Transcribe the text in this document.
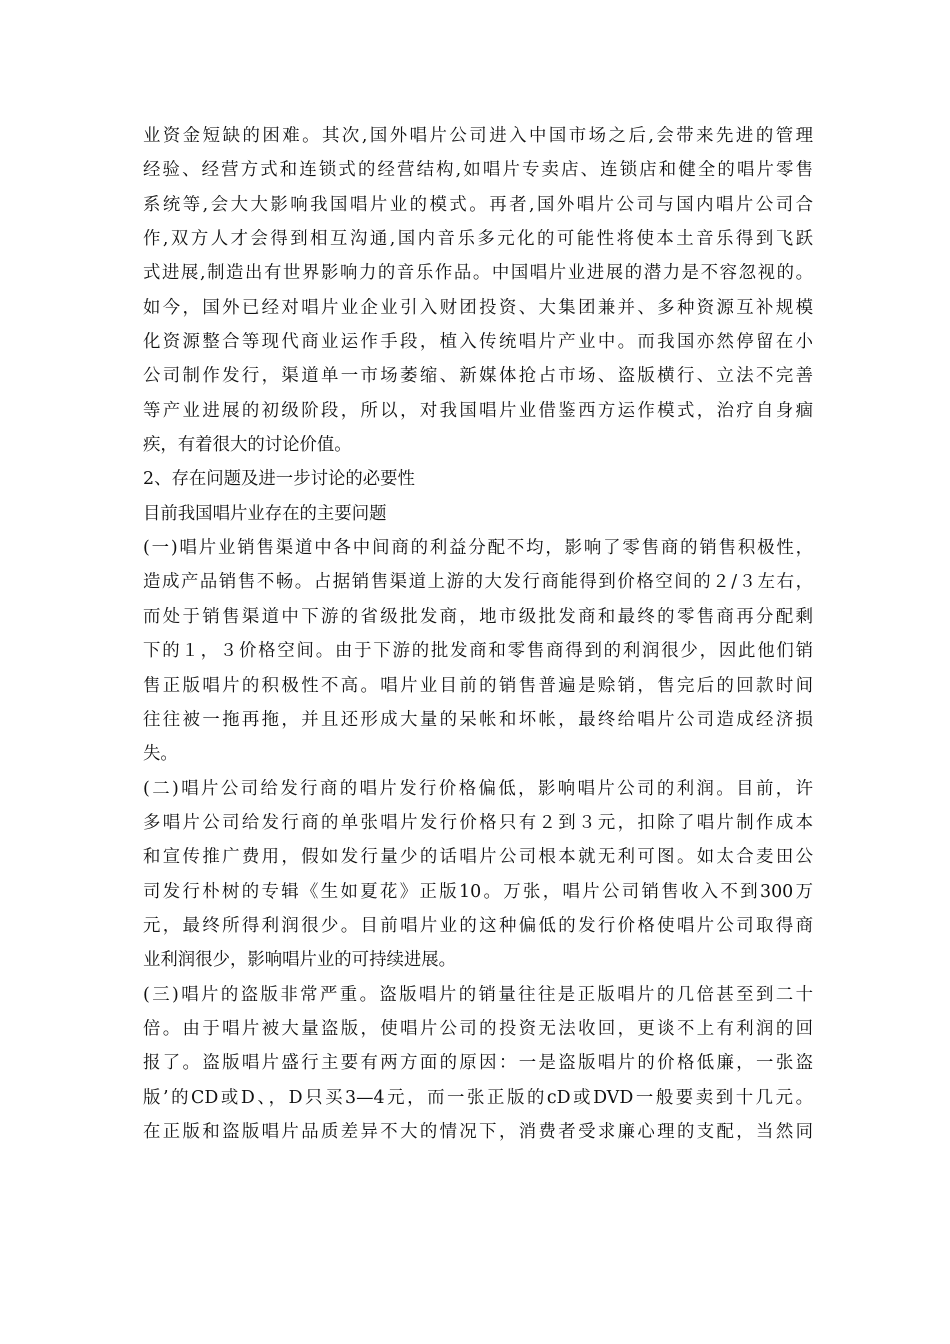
业资金短缺的困难。其次,国外唱片公司进入中国市场之后,会带来先进的管理
经验、经营方式和连锁式的经营结构,如唱片专卖店、连锁店和健全的唱片零售
系统等,会大大影响我国唱片业的模式。再者,国外唱片公司与国内唱片公司合
作,双方人才会得到相互沟通,国内音乐多元化的可能性将使本土音乐得到飞跃
式进展,制造出有世界影响力的音乐作品。中国唱片业进展的潜力是不容忽视的。
如今，国外已经对唱片业企业引入财团投资、大集团兼并、多种资源互补规模
化资源整合等现代商业运作手段，植入传统唱片产业中。而我国亦然停留在小
公司制作发行，渠道单一市场萎缩、新媒体抢占市场、盗版横行、立法不完善
等产业进展的初级阶段，所以，对我国唱片业借鉴西方运作模式，治疗自身痼
疾，有着很大的讨论价值。
2、存在问题及进一步讨论的必要性
目前我国唱片业存在的主要问题
(一)唱片业销售渠道中各中间商的利益分配不均，影响了零售商的销售积极性，
造成产品销售不畅。占据销售渠道上游的大发行商能得到价格空间的２/３左右，
而处于销售渠道中下游的省级批发商，地市级批发商和最终的零售商再分配剩
下的１，３价格空间。由于下游的批发商和零售商得到的利润很少，因此他们销
售正版唱片的积极性不高。唱片业目前的销售普遍是赊销，售完后的回款时间
往往被一拖再拖，并且还形成大量的呆帐和坏帐，最终给唱片公司造成经济损
失。
(二)唱片公司给发行商的唱片发行价格偏低，影响唱片公司的利润。目前，许
多唱片公司给发行商的单张唱片发行价格只有２到３元，扣除了唱片制作成本
和宣传推广费用，假如发行量少的话唱片公司根本就无利可图。如太合麦田公
司发行朴树的专辑《生如夏花》正版10。万张，唱片公司销售收入不到300万
元，最终所得利润很少。目前唱片业的这种偏低的发行价格使唱片公司取得商
业利润很少，影响唱片业的可持续进展。
(三)唱片的盗版非常严重。盗版唱片的销量往往是正版唱片的几倍甚至到二十
倍。由于唱片被大量盗版，使唱片公司的投资无法收回，更谈不上有利润的回
报了。盗版唱片盛行主要有两方面的原因：一是盗版唱片的价格低廉，一张盗
版’的CD或D、，D只买3—4元，而一张正版的cD或DVD一般要卖到十几元。
在正版和盗版唱片品质差异不大的情况下，消费者受求廉心理的支配，当然同
